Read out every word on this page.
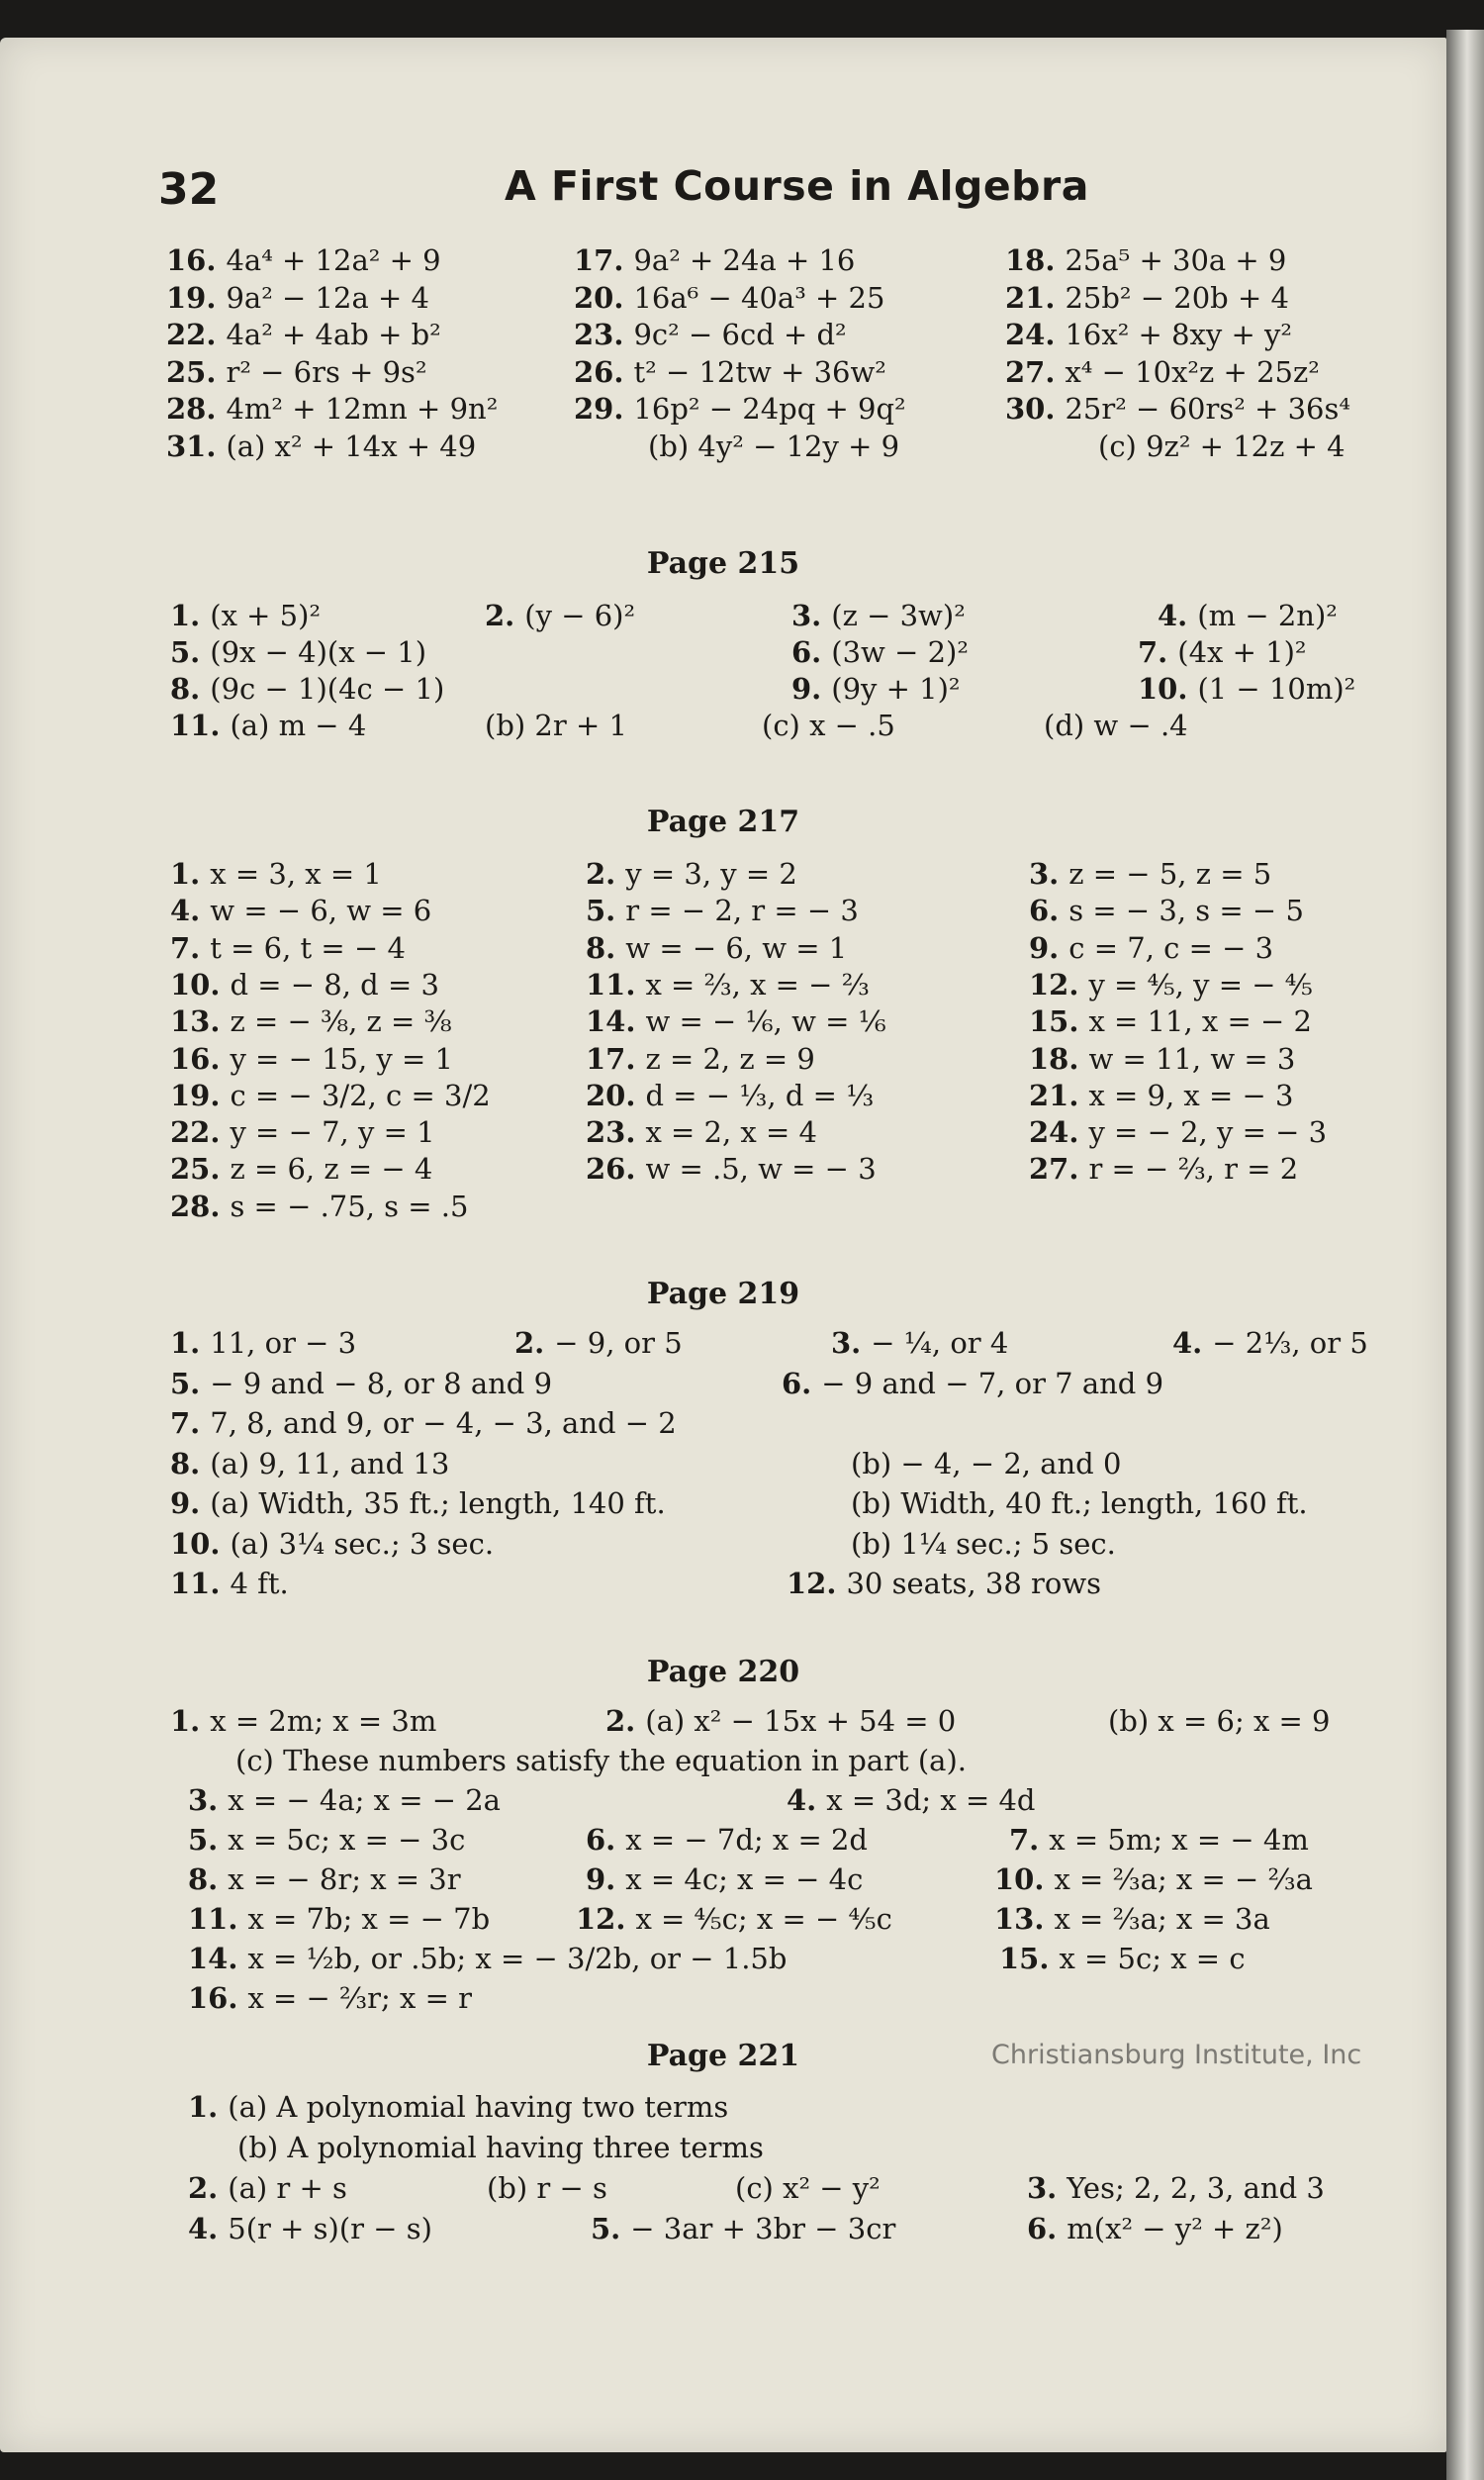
32	A First Course in Algebra
16. 4a⁴ + 12a² + 9	17. 9a² + 24a + 16	18. 25a⁵ + 30a + 9
19. 9a² − 12a + 4	20. 16a⁶ − 40a³ + 25	21. 25b² − 20b + 4
22. 4a² + 4ab + b²	23. 9c² − 6cd + d²	24. 16x² + 8xy + y²
25. r² − 6rs + 9s²	26. t² − 12tw + 36w²	27. x⁴ − 10x²z + 25z²
28. 4m² + 12mn + 9n²	29. 16p² − 24pq + 9q²	30. 25r² − 60rs² + 36s⁴
31. (a) x² + 14x + 49	(b) 4y² − 12y + 9	(c) 9z² + 12z + 4
Page 215
1. (x + 5)²	2. (y − 6)²	3. (z − 3w)²	4. (m − 2n)²
5. (9x − 4)(x − 1)	6. (3w − 2)²	7. (4x + 1)²
8. (9c − 1)(4c − 1)	9. (9y + 1)²	10. (1 − 10m)²
11. (a) m − 4	(b) 2r + 1	(c) x − .5	(d) w − .4
Page 217
1. x = 3, x = 1	2. y = 3, y = 2	3. z = − 5, z = 5
4. w = − 6, w = 6	5. r = − 2, r = − 3	6. s = − 3, s = − 5
7. t = 6, t = − 4	8. w = − 6, w = 1	9. c = 7, c = − 3
10. d = − 8, d = 3	11. x = ⅔, x = − ⅔	12. y = ⅘, y = − ⅘
13. z = − ⅜, z = ⅜	14. w = − ⅙, w = ⅙	15. x = 11, x = − 2
16. y = − 15, y = 1	17. z = 2, z = 9	18. w = 11, w = 3
19. c = − 3/2, c = 3/2	20. d = − ⅓, d = ⅓	21. x = 9, x = − 3
22. y = − 7, y = 1	23. x = 2, x = 4	24. y = − 2, y = − 3
25. z = 6, z = − 4	26. w = .5, w = − 3	27. r = − ⅔, r = 2
28. s = − .75, s = .5
Page 219
1. 11, or − 3	2. − 9, or 5	3. − ¼, or 4	4. − 2⅓, or 5
5. − 9 and − 8, or 8 and 9	6. − 9 and − 7, or 7 and 9
7. 7, 8, and 9, or − 4, − 3, and − 2
8. (a) 9, 11, and 13	(b) − 4, − 2, and 0
9. (a) Width, 35 ft.; length, 140 ft.	(b) Width, 40 ft.; length, 160 ft.
10. (a) 3¼ sec.; 3 sec.	(b) 1¼ sec.; 5 sec.
11. 4 ft.	12. 30 seats, 38 rows
Page 220
1. x = 2m; x = 3m	2. (a) x² − 15x + 54 = 0	(b) x = 6; x = 9
(c) These numbers satisfy the equation in part (a).
3. x = − 4a; x = − 2a	4. x = 3d; x = 4d
5. x = 5c; x = − 3c	6. x = − 7d; x = 2d	7. x = 5m; x = − 4m
8. x = − 8r; x = 3r	9. x = 4c; x = − 4c	10. x = ⅔a; x = − ⅔a
11. x = 7b; x = − 7b	12. x = ⅘c; x = − ⅘c	13. x = ⅔a; x = 3a
14. x = ½b, or .5b; x = − 3/2b, or − 1.5b	15. x = 5c; x = c
16. x = − ⅔r; x = r
Page 221
1. (a) A polynomial having two terms
(b) A polynomial having three terms
2. (a) r + s	(b) r − s	(c) x² − y²	3. Yes; 2, 2, 3, and 3
4. 5(r + s)(r − s)	5. − 3ar + 3br − 3cr	6. m(x² − y² + z²)
Christiansburg Institute, Inc
